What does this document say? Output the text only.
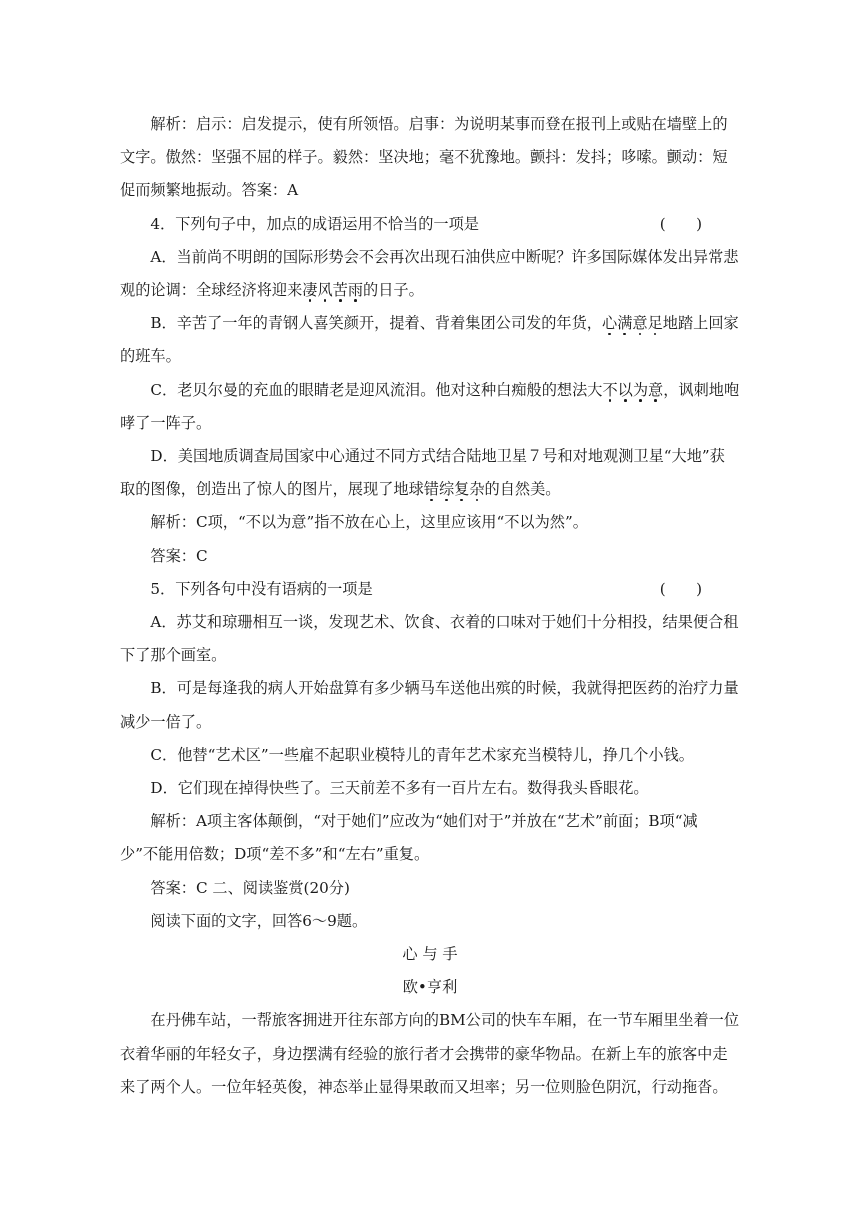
解析：启示：启发提示，使有所领悟。启事：为说明某事而登在报刊上或贴在墙壁上的

文字。傲然：坚强不屈的样子。毅然：坚决地；毫不犹豫地。颤抖：发抖；哆嗦。颤动：短

促而频繁地振动。答案：A

4．下列句子中，加点的成语运用不恰当的一项是	(　　)

A．当前尚不明朗的国际形势会不会再次出现石油供应中断呢？许多国际媒体发出异常悲

观的论调：全球经济将迎来凄风苦雨的日子。

B．辛苦了一年的青钢人喜笑颜开，提着、背着集团公司发的年货，心满意足地踏上回家

的班车。

C．老贝尔曼的充血的眼睛老是迎风流泪。他对这种白痴般的想法大不以为意，讽刺地咆

哮了一阵子。

D．美国地质调查局国家中心通过不同方式结合陆地卫星７号和对地观测卫星“大地”获

取的图像，创造出了惊人的图片，展现了地球错综复杂的自然美。

解析：C项，“不以为意”指不放在心上，这里应该用“不以为然”。

答案：C

5．下列各句中没有语病的一项是	(　　)

A．苏艾和琼珊相互一谈，发现艺术、饮食、衣着的口味对于她们十分相投，结果便合租

下了那个画室。

B．可是每逢我的病人开始盘算有多少辆马车送他出殡的时候，我就得把医药的治疗力量

减少一倍了。

C．他替“艺术区”一些雇不起职业模特儿的青年艺术家充当模特儿，挣几个小钱。

D．它们现在掉得快些了。三天前差不多有一百片左右。数得我头昏眼花。

解析：A项主客体颠倒，“对于她们”应改为“她们对于”并放在“艺术”前面；B项“减

少”不能用倍数；D项“差不多”和“左右”重复。

答案：C 二、阅读鉴赏(20分)

阅读下面的文字，回答6～9题。

心 与 手

欧•亨利

在丹佛车站，一帮旅客拥进开往东部方向的BM公司的快车车厢，在一节车厢里坐着一位

衣着华丽的年轻女子，身边摆满有经验的旅行者才会携带的豪华物品。在新上车的旅客中走

来了两个人。一位年轻英俊，神态举止显得果敢而又坦率；另一位则脸色阴沉，行动拖沓。
